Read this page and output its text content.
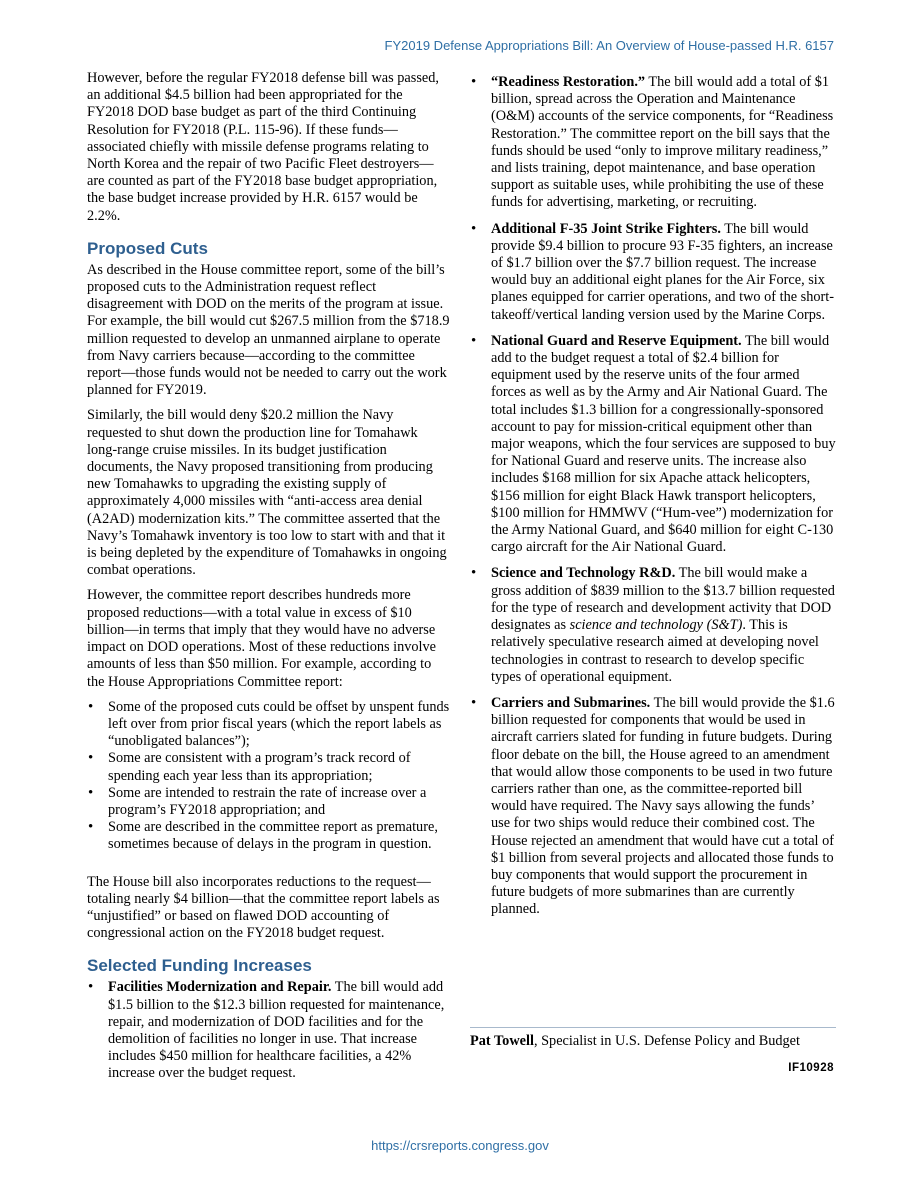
FY2019 Defense Appropriations Bill: An Overview of House-passed H.R. 6157

However, before the regular FY2018 defense bill was passed, an additional $4.5 billion had been appropriated for the FY2018 DOD base budget as part of the third Continuing Resolution for FY2018 (P.L. 115-96). If these funds—associated chiefly with missile defense programs relating to North Korea and the repair of two Pacific Fleet destroyers—are counted as part of the FY2018 base budget appropriation, the base budget increase provided by H.R. 6157 would be 2.2%.

Proposed Cuts

As described in the House committee report, some of the bill’s proposed cuts to the Administration request reflect disagreement with DOD on the merits of the program at issue. For example, the bill would cut $267.5 million from the $718.9 million requested to develop an unmanned airplane to operate from Navy carriers because—according to the committee report—those funds would not be needed to carry out the work planned for FY2019.

Similarly, the bill would deny $20.2 million the Navy requested to shut down the production line for Tomahawk long-range cruise missiles. In its budget justification documents, the Navy proposed transitioning from producing new Tomahawks to upgrading the existing supply of approximately 4,000 missiles with “anti-access area denial (A2AD) modernization kits.” The committee asserted that the Navy’s Tomahawk inventory is too low to start with and that it is being depleted by the expenditure of Tomahawks in ongoing combat operations.

However, the committee report describes hundreds more proposed reductions—with a total value in excess of $10 billion—in terms that imply that they would have no adverse impact on DOD operations. Most of these reductions involve amounts of less than $50 million. For example, according to the House Appropriations Committee report:

• Some of the proposed cuts could be offset by unspent funds left over from prior fiscal years (which the report labels as “unobligated balances”);
• Some are consistent with a program’s track record of spending each year less than its appropriation;
• Some are intended to restrain the rate of increase over a program’s FY2018 appropriation; and
• Some are described in the committee report as premature, sometimes because of delays in the program in question.

The House bill also incorporates reductions to the request—totaling nearly $4 billion—that the committee report labels as “unjustified” or based on flawed DOD accounting of congressional action on the FY2018 budget request.

Selected Funding Increases
• Facilities Modernization and Repair. The bill would add $1.5 billion to the $12.3 billion requested for maintenance, repair, and modernization of DOD facilities and for the demolition of facilities no longer in use. That increase includes $450 million for healthcare facilities, a 42% increase over the budget request.
• “Readiness Restoration.” The bill would add a total of $1 billion, spread across the Operation and Maintenance (O&M) accounts of the service components, for “Readiness Restoration.” The committee report on the bill says that the funds should be used “only to improve military readiness,” and lists training, depot maintenance, and base operation support as suitable uses, while prohibiting the use of these funds for advertising, marketing, or recruiting.
• Additional F-35 Joint Strike Fighters. The bill would provide $9.4 billion to procure 93 F-35 fighters, an increase of $1.7 billion over the $7.7 billion request. The increase would buy an additional eight planes for the Air Force, six planes equipped for carrier operations, and two of the short-takeoff/vertical landing version used by the Marine Corps.
• National Guard and Reserve Equipment. The bill would add to the budget request a total of $2.4 billion for equipment used by the reserve units of the four armed forces as well as by the Army and Air National Guard. The total includes $1.3 billion for a congressionally-sponsored account to pay for mission-critical equipment other than major weapons, which the four services are supposed to buy for National Guard and reserve units. The increase also includes $168 million for six Apache attack helicopters, $156 million for eight Black Hawk transport helicopters, $100 million for HMMWV (“Hum-vee”) modernization for the Army National Guard, and $640 million for eight C-130 cargo aircraft for the Air National Guard.
• Science and Technology R&D. The bill would make a gross addition of $839 million to the $13.7 billion requested for the type of research and development activity that DOD designates as science and technology (S&T). This is relatively speculative research aimed at developing novel technologies in contrast to research to develop specific types of operational equipment.
• Carriers and Submarines. The bill would provide the $1.6 billion requested for components that would be used in aircraft carriers slated for funding in future budgets. During floor debate on the bill, the House agreed to an amendment that would allow those components to be used in two future carriers rather than one, as the committee-reported bill would have required. The Navy says allowing the funds’ use for two ships would reduce their combined cost. The House rejected an amendment that would have cut a total of $1 billion from several projects and allocated those funds to buy components that would support the procurement in future budgets of more submarines than are currently planned.
Pat Towell, Specialist in U.S. Defense Policy and Budget
IF10928
https://crsreports.congress.gov
